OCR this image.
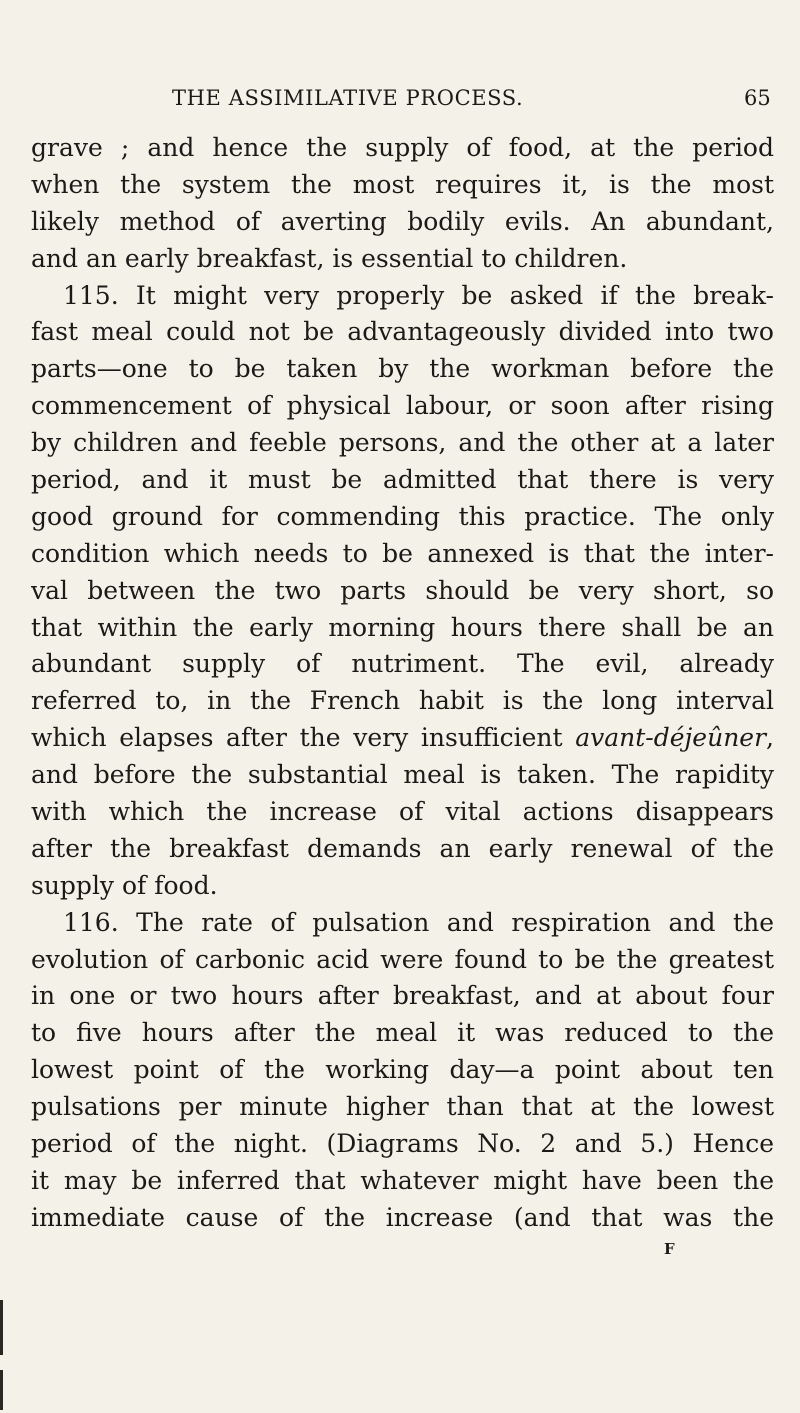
THE ASSIMILATIVE PROCESS.	65
grave ; and hence the supply of food, at the period
when the system the most requires it, is the most
likely method of averting bodily evils. An abundant,
and an early breakfast, is essential to children.
115. It might very properly be asked if the break-
fast meal could not be advantageously divided into two
parts—one to be taken by the workman before the
commencement of physical labour, or soon after rising
by children and feeble persons, and the other at a later
period, and it must be admitted that there is very
good ground for commending this practice. The only
condition which needs to be annexed is that the inter-
val between the two parts should be very short, so
that within the early morning hours there shall be an
abundant supply of nutriment. The evil, already
referred to, in the French habit is the long interval
which elapses after the very insufficient avant-déjeûner,
and before the substantial meal is taken. The rapidity
with which the increase of vital actions disappears
after the breakfast demands an early renewal of the
supply of food.
116. The rate of pulsation and respiration and the
evolution of carbonic acid were found to be the greatest
in one or two hours after breakfast, and at about four
to five hours after the meal it was reduced to the
lowest point of the working day—a point about ten
pulsations per minute higher than that at the lowest
period of the night. (Diagrams No. 2 and 5.) Hence
it may be inferred that whatever might have been the
immediate cause of the increase (and that was the
F
